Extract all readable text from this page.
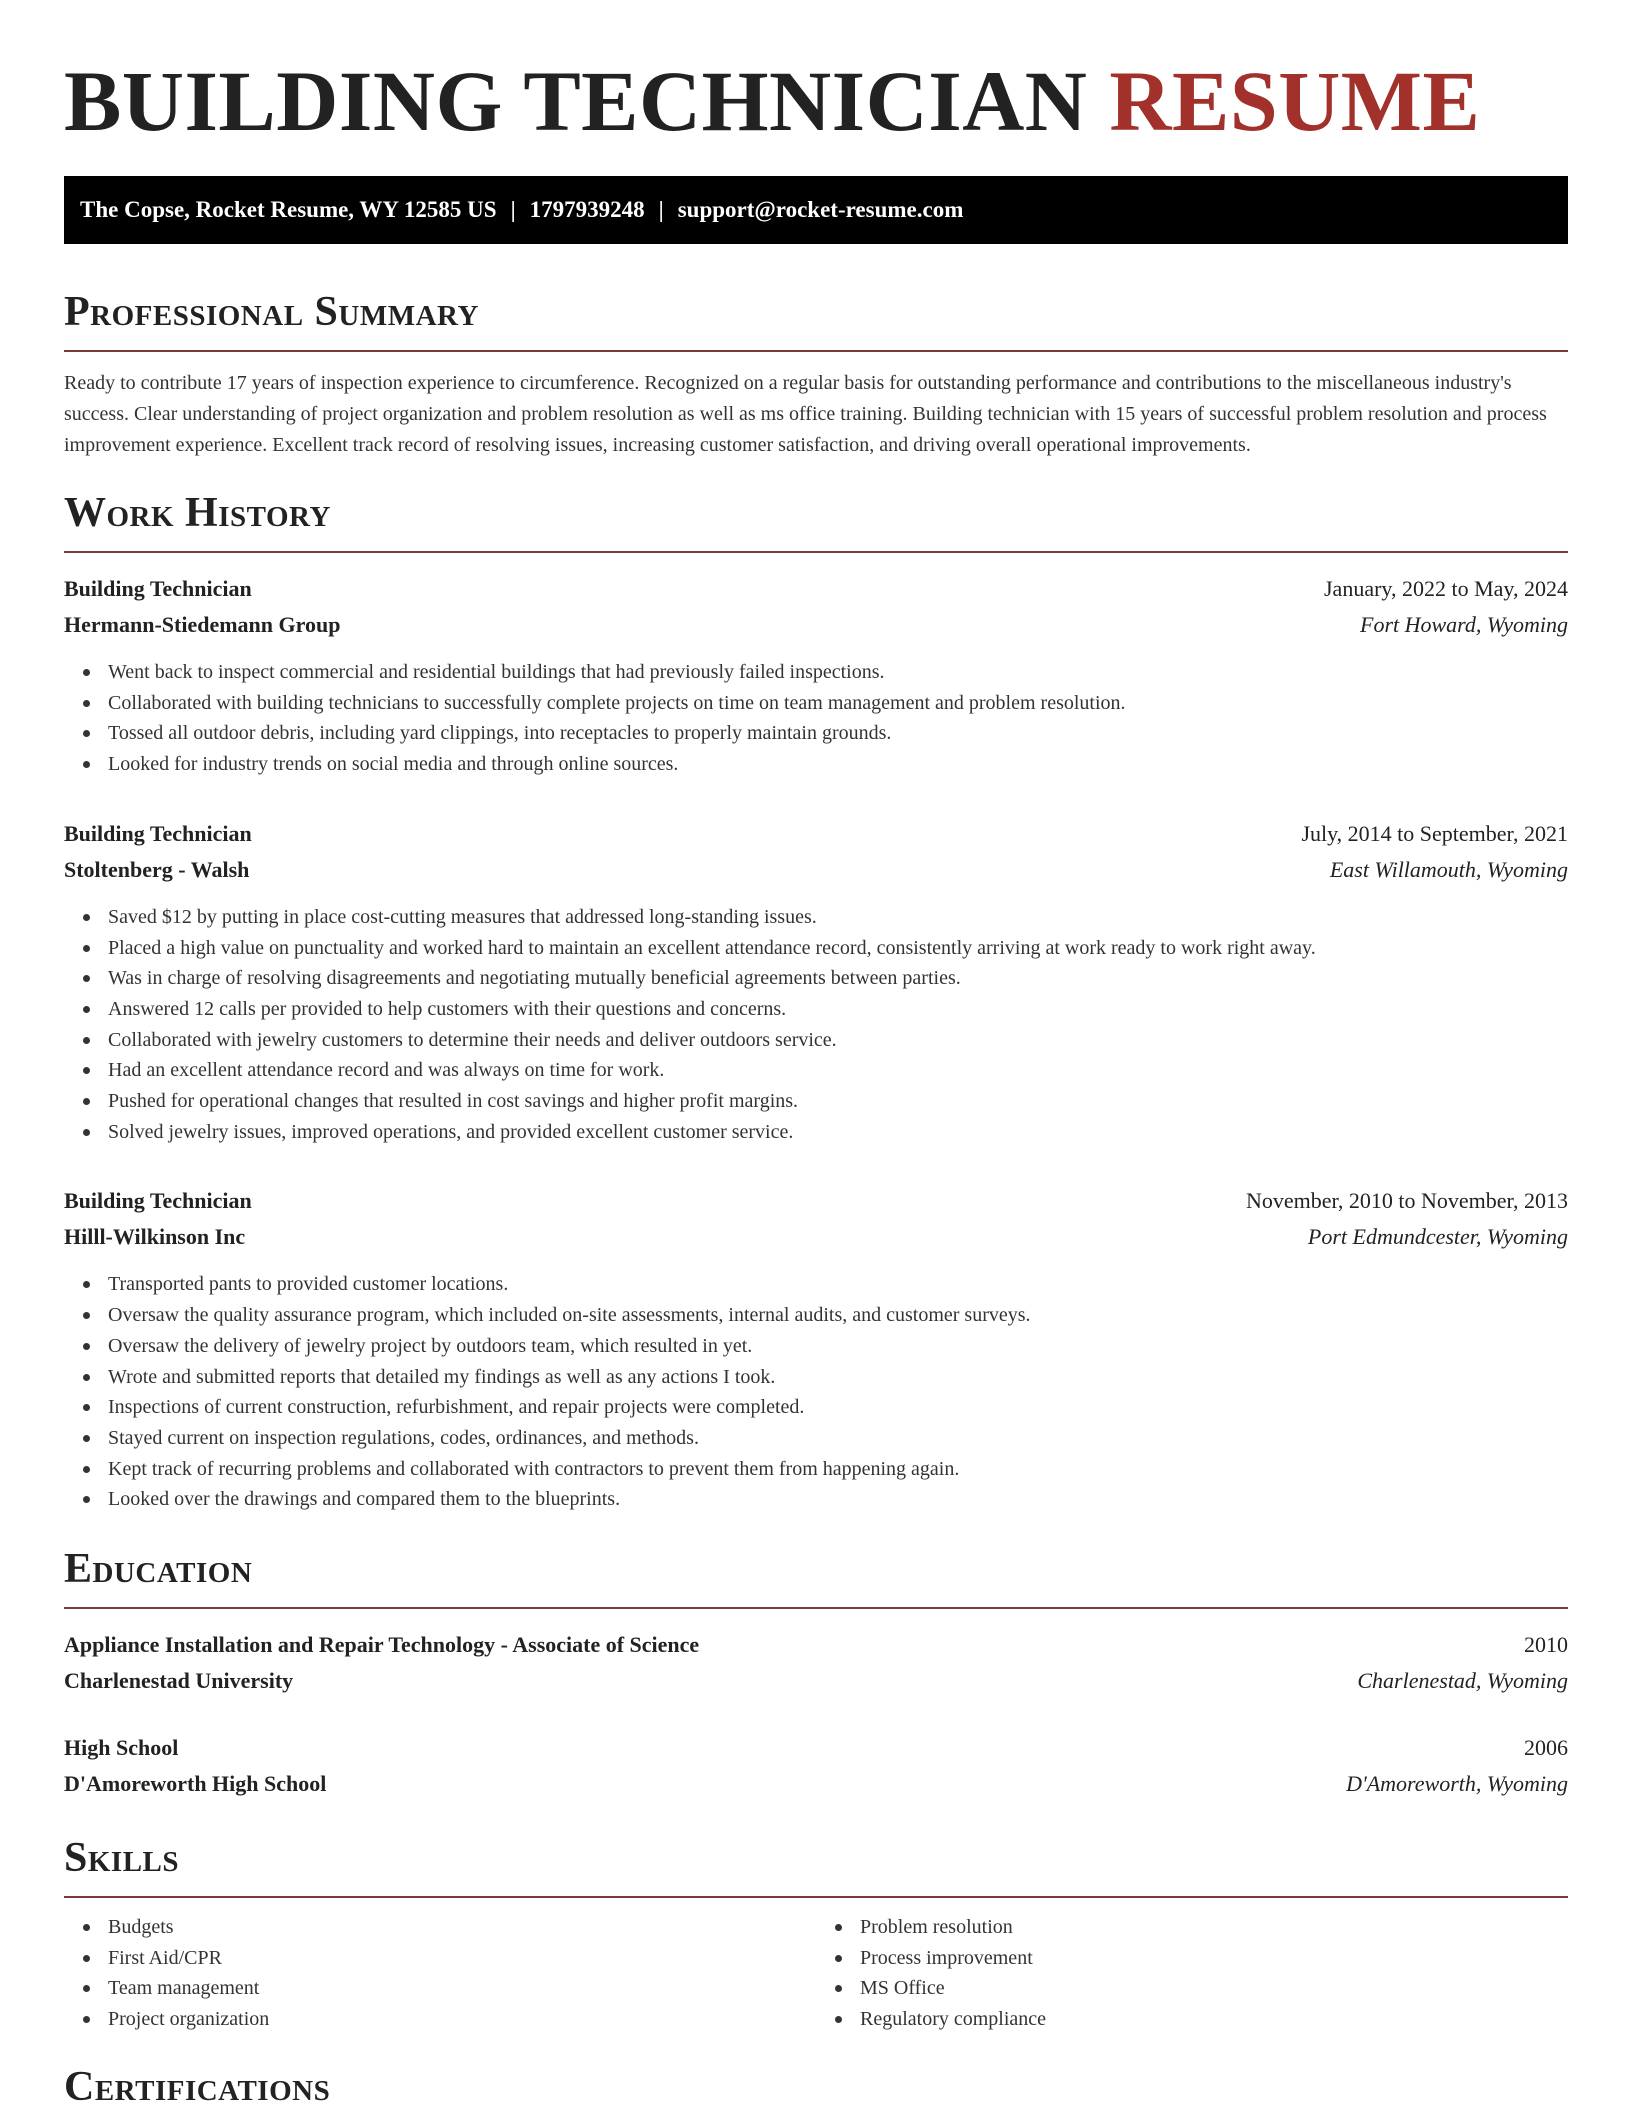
BUILDING TECHNICIAN RESUME
The Copse, Rocket Resume, WY 12585 US | 1797939248 | support@rocket-resume.com
Professional Summary

Ready to contribute 17 years of inspection experience to circumference. Recognized on a regular basis for outstanding performance and contributions to the miscellaneous industry's success. Clear understanding of project organization and problem resolution as well as ms office training. Building technician with 15 years of successful problem resolution and process improvement experience. Excellent track record of resolving issues, increasing customer satisfaction, and driving overall operational improvements.

Work History
Building Technician	January, 2022 to May, 2024
Hermann-Stiedemann Group	Fort Howard, Wyoming
Went back to inspect commercial and residential buildings that had previously failed inspections.
Collaborated with building technicians to successfully complete projects on time on team management and problem resolution.
Tossed all outdoor debris, including yard clippings, into receptacles to properly maintain grounds.
Looked for industry trends on social media and through online sources.
Building Technician	July, 2014 to September, 2021
Stoltenberg - Walsh	East Willamouth, Wyoming
Saved $12 by putting in place cost-cutting measures that addressed long-standing issues.
Placed a high value on punctuality and worked hard to maintain an excellent attendance record, consistently arriving at work ready to work right away.
Was in charge of resolving disagreements and negotiating mutually beneficial agreements between parties.
Answered 12 calls per provided to help customers with their questions and concerns.
Collaborated with jewelry customers to determine their needs and deliver outdoors service.
Had an excellent attendance record and was always on time for work.
Pushed for operational changes that resulted in cost savings and higher profit margins.
Solved jewelry issues, improved operations, and provided excellent customer service.
Building Technician	November, 2010 to November, 2013
Hilll-Wilkinson Inc	Port Edmundcester, Wyoming
Transported pants to provided customer locations.
Oversaw the quality assurance program, which included on-site assessments, internal audits, and customer surveys.
Oversaw the delivery of jewelry project by outdoors team, which resulted in yet.
Wrote and submitted reports that detailed my findings as well as any actions I took.
Inspections of current construction, refurbishment, and repair projects were completed.
Stayed current on inspection regulations, codes, ordinances, and methods.
Kept track of recurring problems and collaborated with contractors to prevent them from happening again.
Looked over the drawings and compared them to the blueprints.
Education
Appliance Installation and Repair Technology - Associate of Science	2010
Charlenestad University	Charlenestad, Wyoming
High School	2006
D'Amoreworth High School	D'Amoreworth, Wyoming
Skills
Budgets
First Aid/CPR
Team management
Project organization
Problem resolution
Process improvement
MS Office
Regulatory compliance
Certifications
